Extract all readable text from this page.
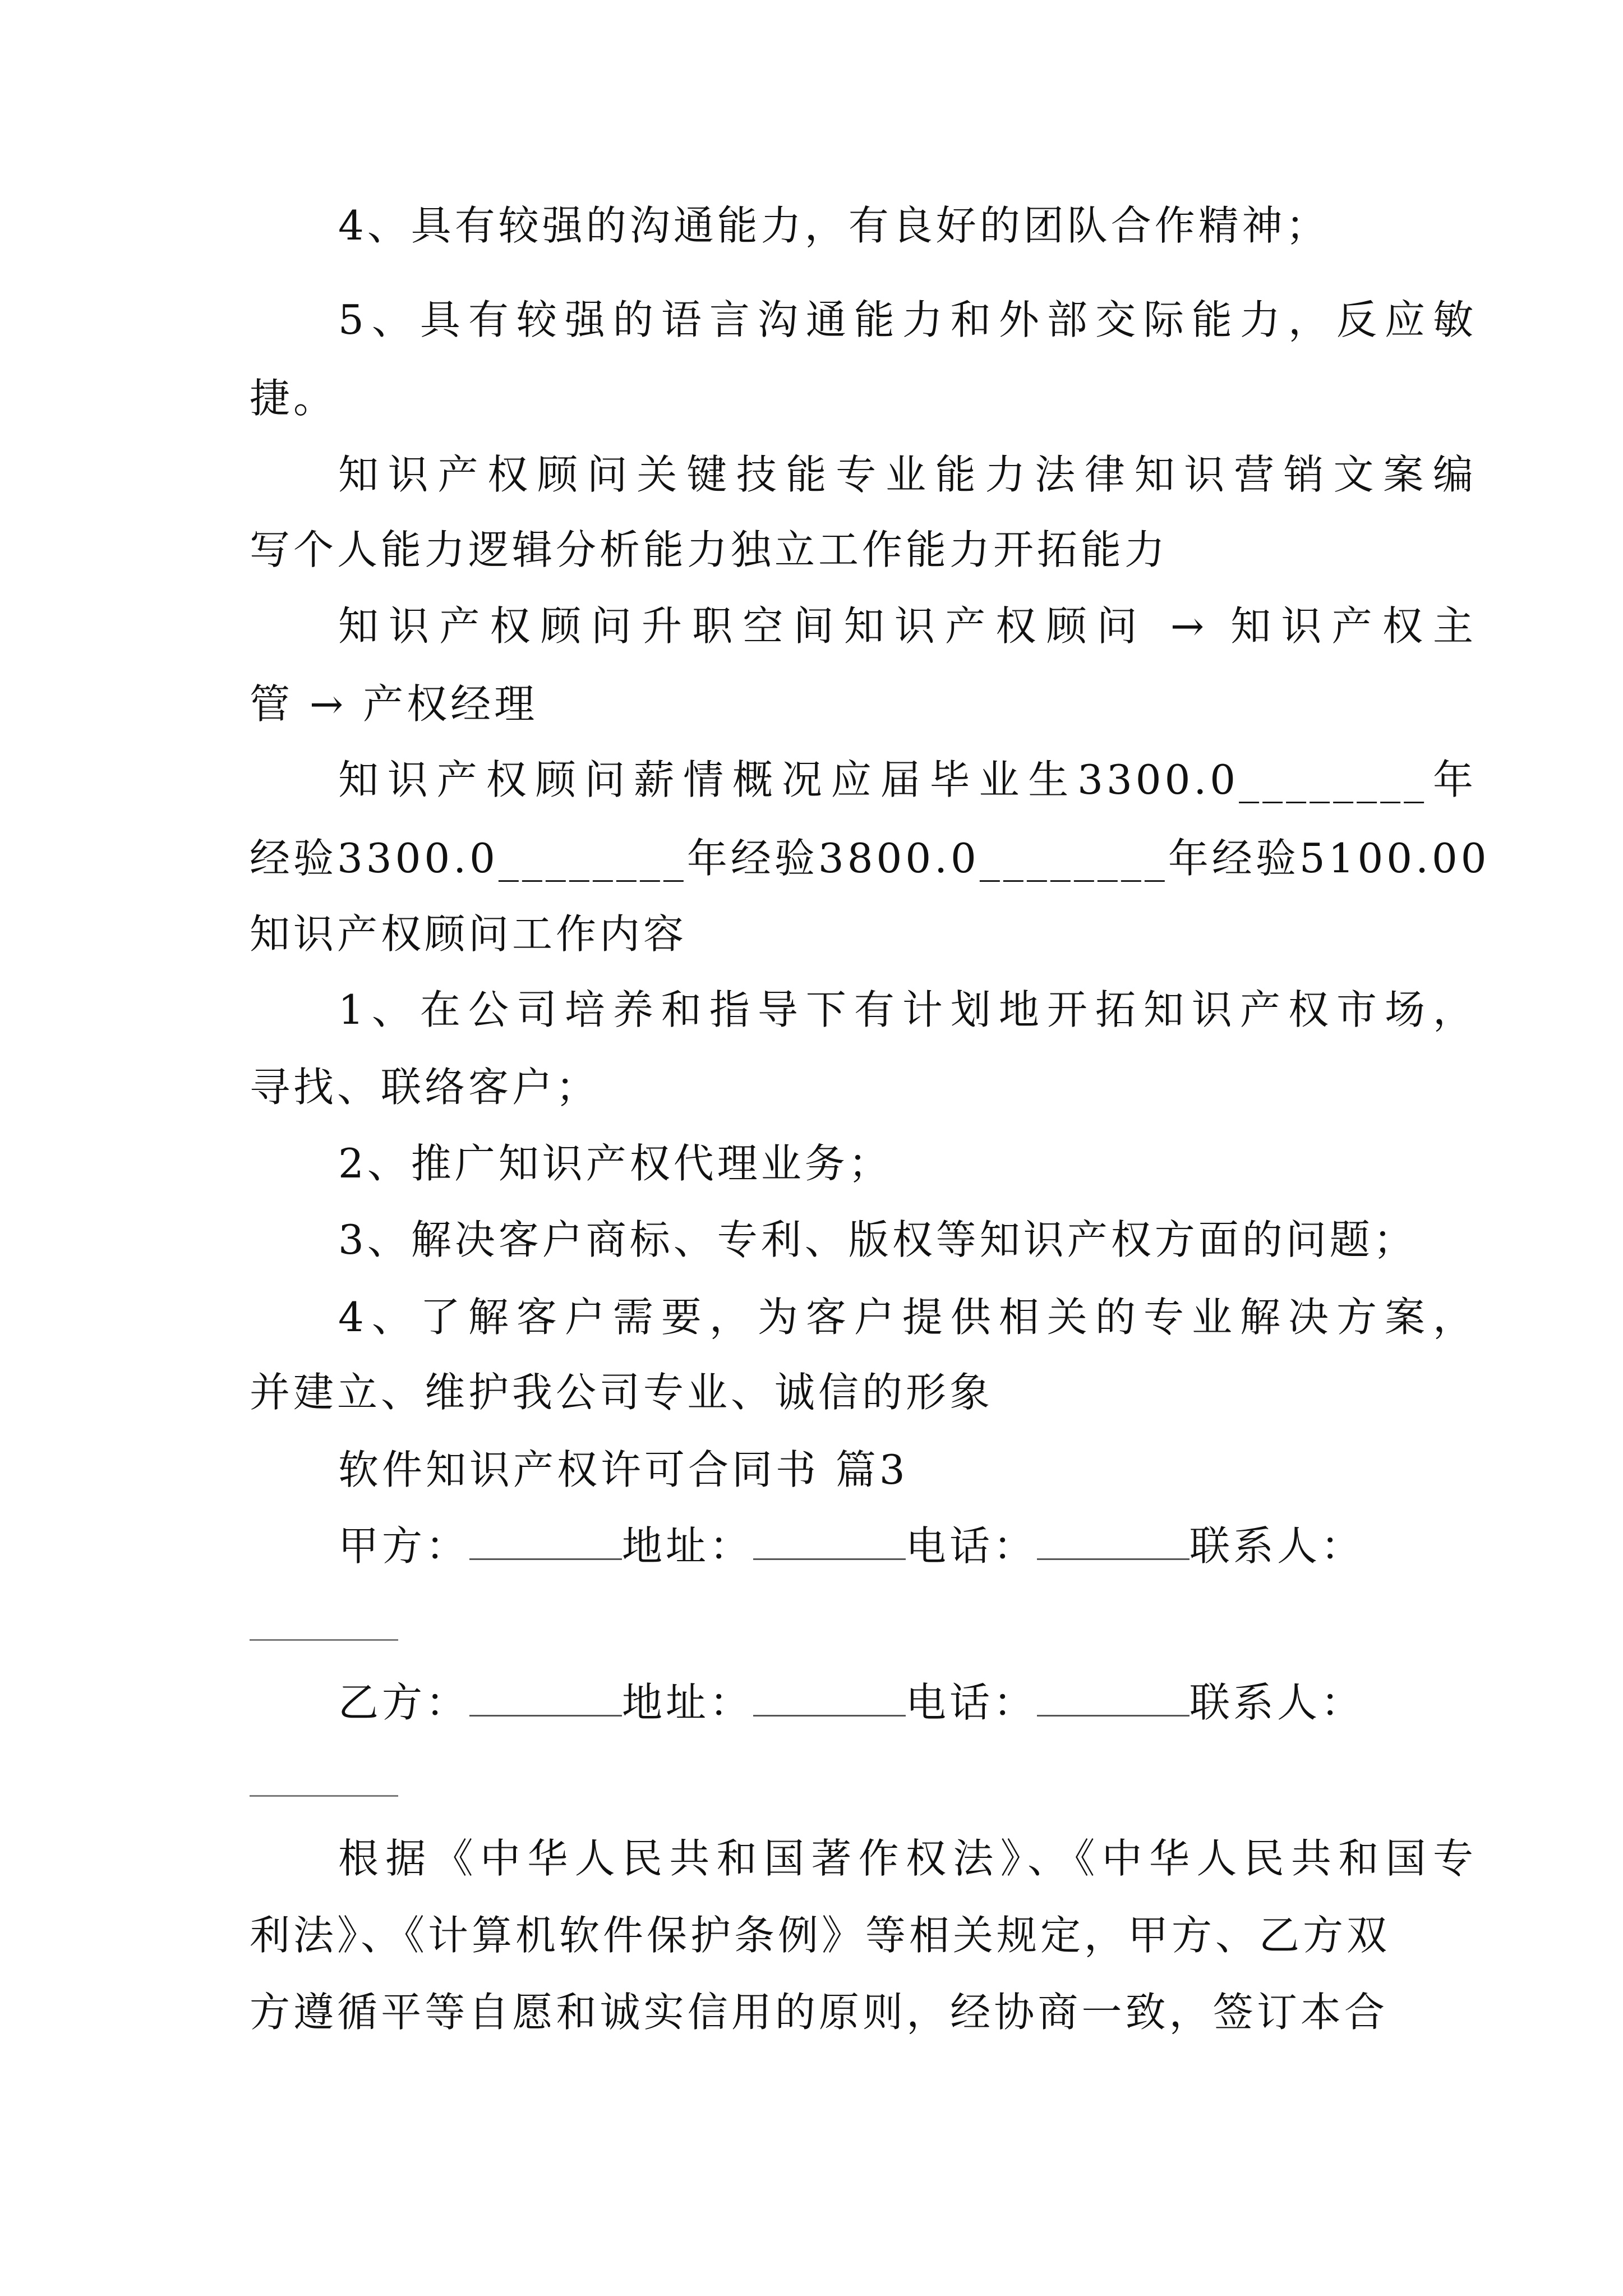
4、具有较强的沟通能力，有良好的团队合作精神；
5、具有较强的语言沟通能力和外部交际能力，反应敏
捷。
知识产权顾问关键技能专业能力法律知识营销文案编
写个人能力逻辑分析能力独立工作能力开拓能力
知识产权顾问升职空间知识产权顾问 → 知识产权主
管 → 产权经理
知识产权顾问薪情概况应届毕业生3300.0________年
经验3300.0________年经验3800.0________年经验5100.00
知识产权顾问工作内容
1、在公司培养和指导下有计划地开拓知识产权市场，
寻找、联络客户；
2、推广知识产权代理业务；
3、解决客户商标、专利、版权等知识产权方面的问题；
4、了解客户需要，为客户提供相关的专业解决方案，
并建立、维护我公司专业、诚信的形象
软件知识产权许可合同书 篇3
甲方：	地址：	电话：	联系人：
乙方：	地址：	电话：	联系人：
根据《中华人民共和国著作权法》、《中华人民共和国专
利法》、《计算机软件保护条例》等相关规定，甲方、乙方双
方遵循平等自愿和诚实信用的原则，经协商一致，签订本合
